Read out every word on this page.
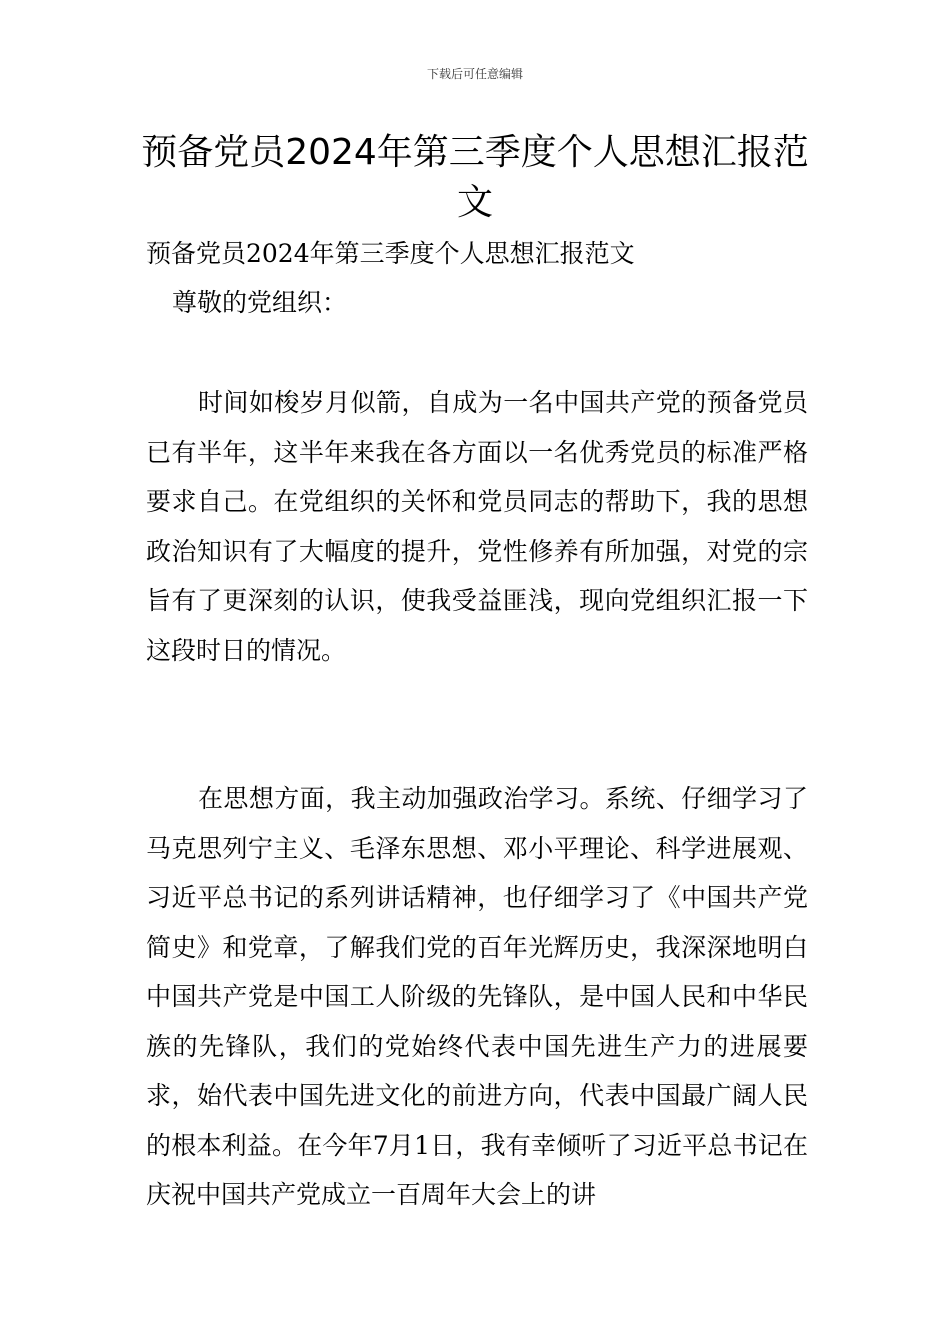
下载后可任意编辑
预备党员2024年第三季度个人思想汇报范文

预备党员2024年第三季度个人思想汇报范文

尊敬的党组织：

时间如梭岁月似箭，自成为一名中国共产党的预备党员已有半年，这半年来我在各方面以一名优秀党员的标准严格要求自己。在党组织的关怀和党员同志的帮助下，我的思想政治知识有了大幅度的提升，党性修养有所加强，对党的宗旨有了更深刻的认识，使我受益匪浅，现向党组织汇报一下这段时日的情况。

在思想方面，我主动加强政治学习。系统、仔细学习了马克思列宁主义、毛泽东思想、邓小平理论、科学进展观、习近平总书记的系列讲话精神，也仔细学习了《中国共产党简史》和党章，了解我们党的百年光辉历史，我深深地明白中国共产党是中国工人阶级的先锋队，是中国人民和中华民族的先锋队，我们的党始终代表中国先进生产力的进展要求，始代表中国先进文化的前进方向，代表中国最广阔人民的根本利益。在今年7月1日，我有幸倾听了习近平总书记在庆祝中国共产党成立一百周年大会上的讲
